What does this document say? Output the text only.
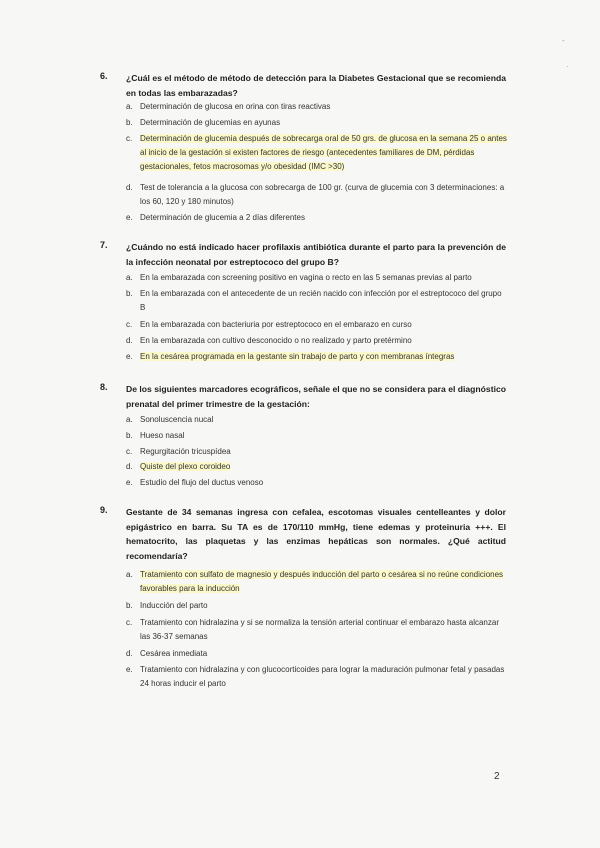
-
·
6. ¿Cuál es el método de método de detección para la Diabetes Gestacional que se recomienda en todas las embarazadas?
a. Determinación de glucosa en orina con tiras reactivas
b. Determinación de glucemias en ayunas
c. Determinación de glucemia después de sobrecarga oral de 50 grs. de glucosa en la semana 25 o antes al inicio de la gestación si existen factores de riesgo (antecedentes familiares de DM, pérdidas gestacionales, fetos macrosomas y/o obesidad (IMC >30)
d. Test de tolerancia a la glucosa con sobrecarga de 100 gr. (curva de glucemia con 3 determinaciones: a los 60, 120 y 180 minutos)
e. Determinación de glucemia a 2 días diferentes
7. ¿Cuándo no está indicado hacer profilaxis antibiótica durante el parto para la prevención de la infección neonatal por estreptococo del grupo B?
a. En la embarazada con screening positivo en vagina o recto en las 5 semanas previas al parto
b. En la embarazada con el antecedente de un recién nacido con infección por el estreptococo del grupo B
c. En la embarazada con bacteriuria por estreptococo en el embarazo en curso
d. En la embarazada con cultivo desconocido o no realizado y parto pretérmino
e. En la cesárea programada en la gestante sin trabajo de parto y con membranas íntegras
8. De los siguientes marcadores ecográficos, señale el que no se considera para el diagnóstico prenatal del primer trimestre de la gestación:
a. Sonoluscencia nucal
b. Hueso nasal
c. Regurgitación tricuspídea
d. Quiste del plexo coroideo
e. Estudio del flujo del ductus venoso
9. Gestante de 34 semanas ingresa con cefalea, escotomas visuales centelleantes y dolor epigástrico en barra. Su TA es de 170/110 mmHg, tiene edemas y proteinuria +++. El hematocrito, las plaquetas y las enzimas hepáticas son normales. ¿Qué actitud recomendaría?
a. Tratamiento con sulfato de magnesio y después inducción del parto o cesárea si no reúne condiciones favorables para la inducción
b. Inducción del parto
c. Tratamiento con hidralazina y si se normaliza la tensión arterial continuar el embarazo hasta alcanzar las 36-37 semanas
d. Cesárea inmediata
e. Tratamiento con hidralazina y con glucocorticoides para lograr la maduración pulmonar fetal y pasadas 24 horas inducir el parto
2
